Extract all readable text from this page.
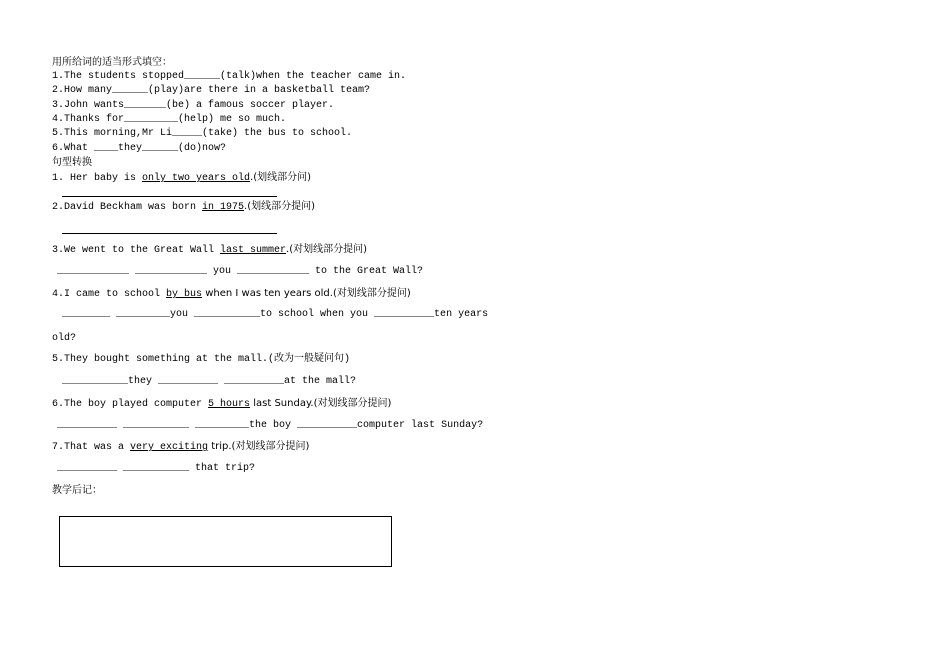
用所给词的适当形式填空：
1.The students stopped______(talk)when the teacher came in.
2.How many______(play)are there in a basketball team?
3.John wants_______(be) a famous soccer player.
4.Thanks for_________(help) me so much.
5.This morning,Mr Li_____(take) the bus to school.
6.What ____they______(do)now?
句型转换
1. Her baby is only two years old.(划线部分问)
2.David Beckham was born in 1975.(划线部分提问)
3.We went to the Great Wall last summer.(对划线部分提问)
____________ ____________ you ____________ to the Great Wall?
4.I came to school by bus when I was ten years old.(对划线部分提问)
________ _________you ___________to school when you __________ten years
old?
5.They bought something at the mall.(改为一般疑问句)
___________they __________ __________at the mall?
6.The boy played computer 5 hours last Sunday.(对划线部分提问)
__________ ___________ _________the boy __________computer last Sunday?
7.That was a very exciting trip.(对划线部分提问)
__________ ___________ that trip?
教学后记：
